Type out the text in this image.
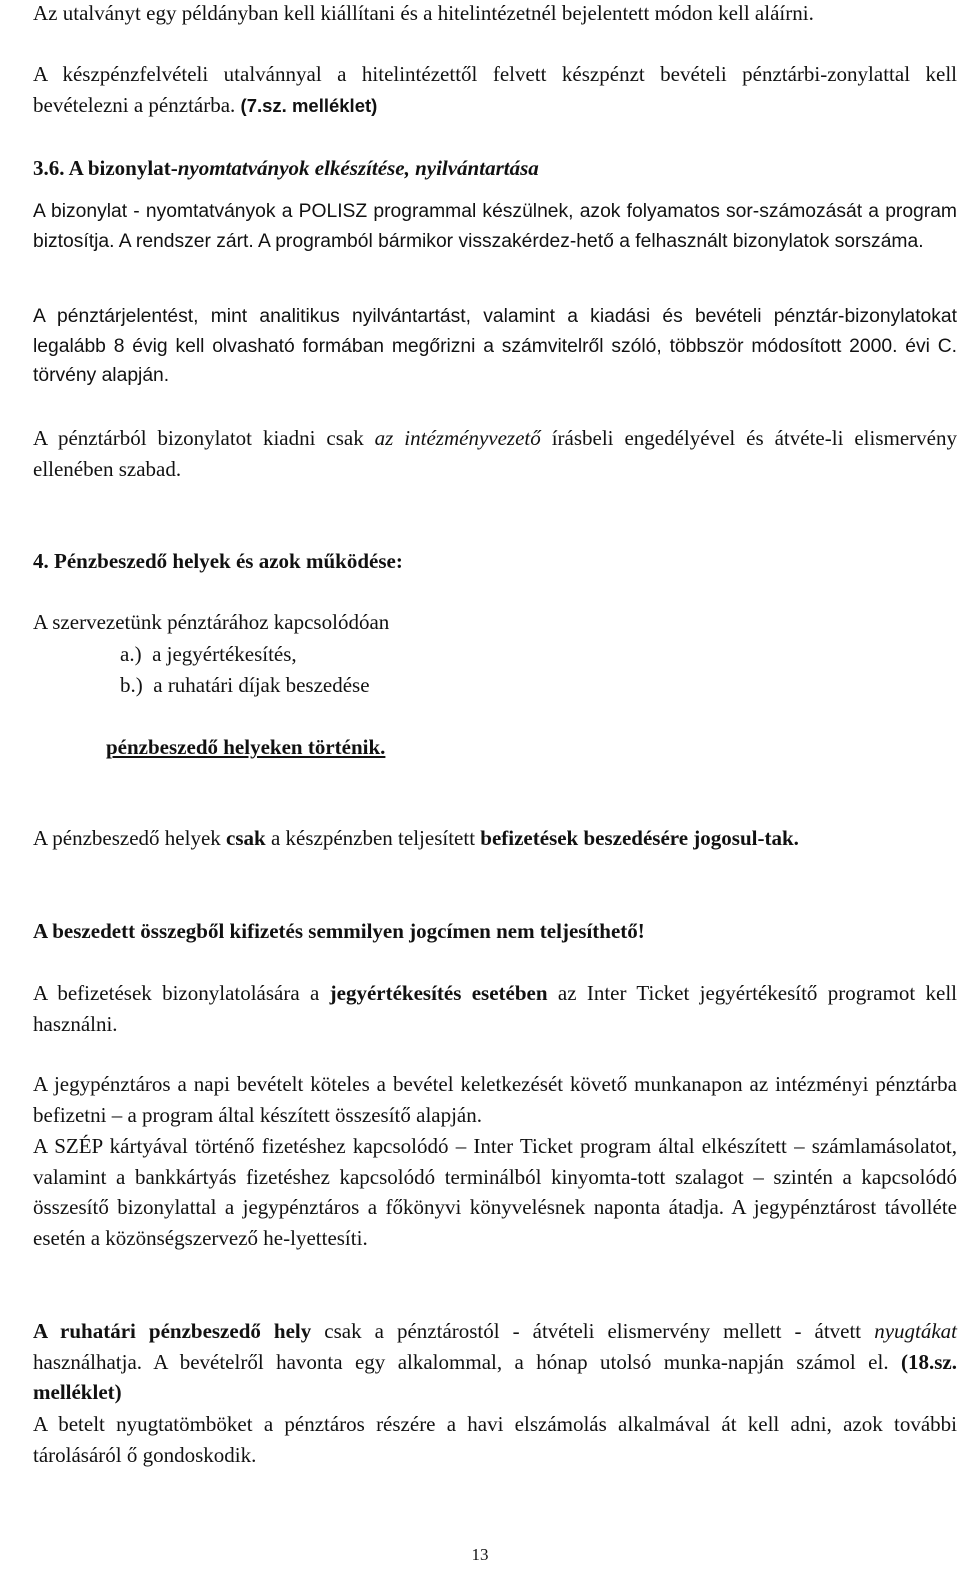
Az utalványt egy példányban kell kiállítani és a hitelintézetnél bejelentett módon kell aláírni.

A készpénzfelvételi utalvánnyal a hitelintézettől felvett készpénzt bevételi pénztárbi-zonylattal kell bevételezni a pénztárba. (7.sz. melléklet)

3.6. A bizonylat-nyomtatványok elkészítése, nyilvántartása

A bizonylat - nyomtatványok a POLISZ programmal készülnek, azok folyamatos sor-számozását a program biztosítja. A rendszer zárt. A programból bármikor visszakérdez-hető a felhasznált bizonylatok sorszáma.

A pénztárjelentést, mint analitikus nyilvántartást, valamint a kiadási és bevételi pénztár-bizonylatokat legalább 8 évig kell olvasható formában megőrizni a számvitelről szóló, többször módosított 2000. évi C. törvény alapján.

A pénztárból bizonylatot kiadni csak az intézményvezető írásbeli engedélyével és átvéte-li elismervény ellenében szabad.

4. Pénzbeszedő helyek és azok működése:

A szervezetünk pénztárához kapcsolódóan

a.)  a jegyértékesítés,

b.)  a ruhatári díjak beszedése

pénzbeszedő helyeken történik.

A pénzbeszedő helyek csak a készpénzben teljesített befizetések beszedésére jogosul-tak.

A beszedett összegből kifizetés semmilyen jogcímen nem teljesíthető!

A befizetések bizonylatolására a jegyértékesítés esetében az Inter Ticket jegyértékesítő programot kell használni.

A jegypénztáros a napi bevételt köteles a bevétel keletkezését követő munkanapon az intézményi pénztárba befizetni – a program által készített összesítő alapján.

A SZÉP kártyával történő fizetéshez kapcsolódó – Inter Ticket program által elkészített – számlamásolatot, valamint a bankkártyás fizetéshez kapcsolódó terminálból kinyomta-tott szalagot – szintén a kapcsolódó összesítő bizonylattal a jegypénztáros a főkönyvi könyvelésnek naponta átadja. A jegypénztárost távolléte esetén a közönségszervező he-lyettesíti.

A ruhatári pénzbeszedő hely csak a pénztárostól - átvételi elismervény mellett - átvett nyugtákat használhatja. A bevételről havonta egy alkalommal, a hónap utolsó munka-napján számol el. (18.sz. melléklet)

A betelt nyugtatömböket a pénztáros részére a havi elszámolás alkalmával át kell adni, azok további tárolásáról ő gondoskodik.

13
